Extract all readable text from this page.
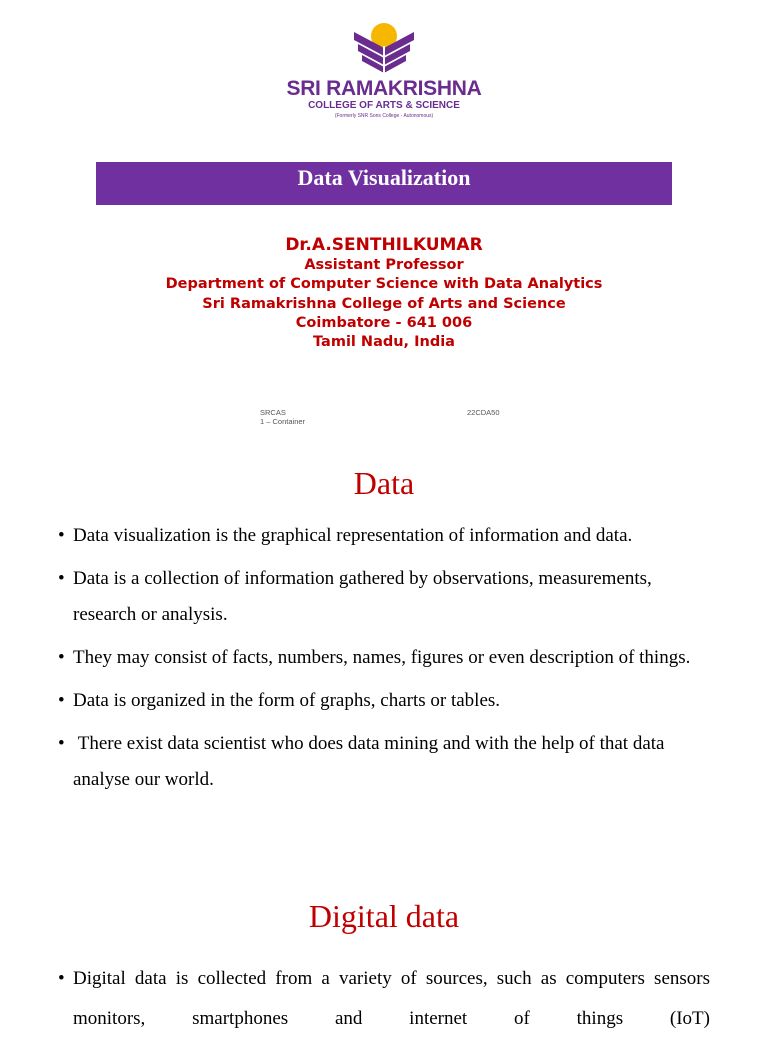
SRI RAMAKRISHNA
COLLEGE OF ARTS & SCIENCE
(Formerly SNR Sons College - Autonomous)
Data Visualization
Dr.A.SENTHILKUMAR
Assistant Professor
Department of Computer Science with Data Analytics
Sri Ramakrishna College of Arts and Science
Coimbatore - 641 006
Tamil Nadu, India
SRCAS
1 – Container
22CDA50
Data
• Data visualization is the graphical representation of information and data.
• Data is a collection of information gathered by observations, measurements, research or analysis.
• They may consist of facts, numbers, names, figures or even description of things.
• Data is organized in the form of graphs, charts or tables.
• There exist data scientist who does data mining and with the help of that data analyse our world.
Digital data
• Digital data is collected from a variety of sources, such as computers sensors monitors, smartphones and internet of things (IoT)
